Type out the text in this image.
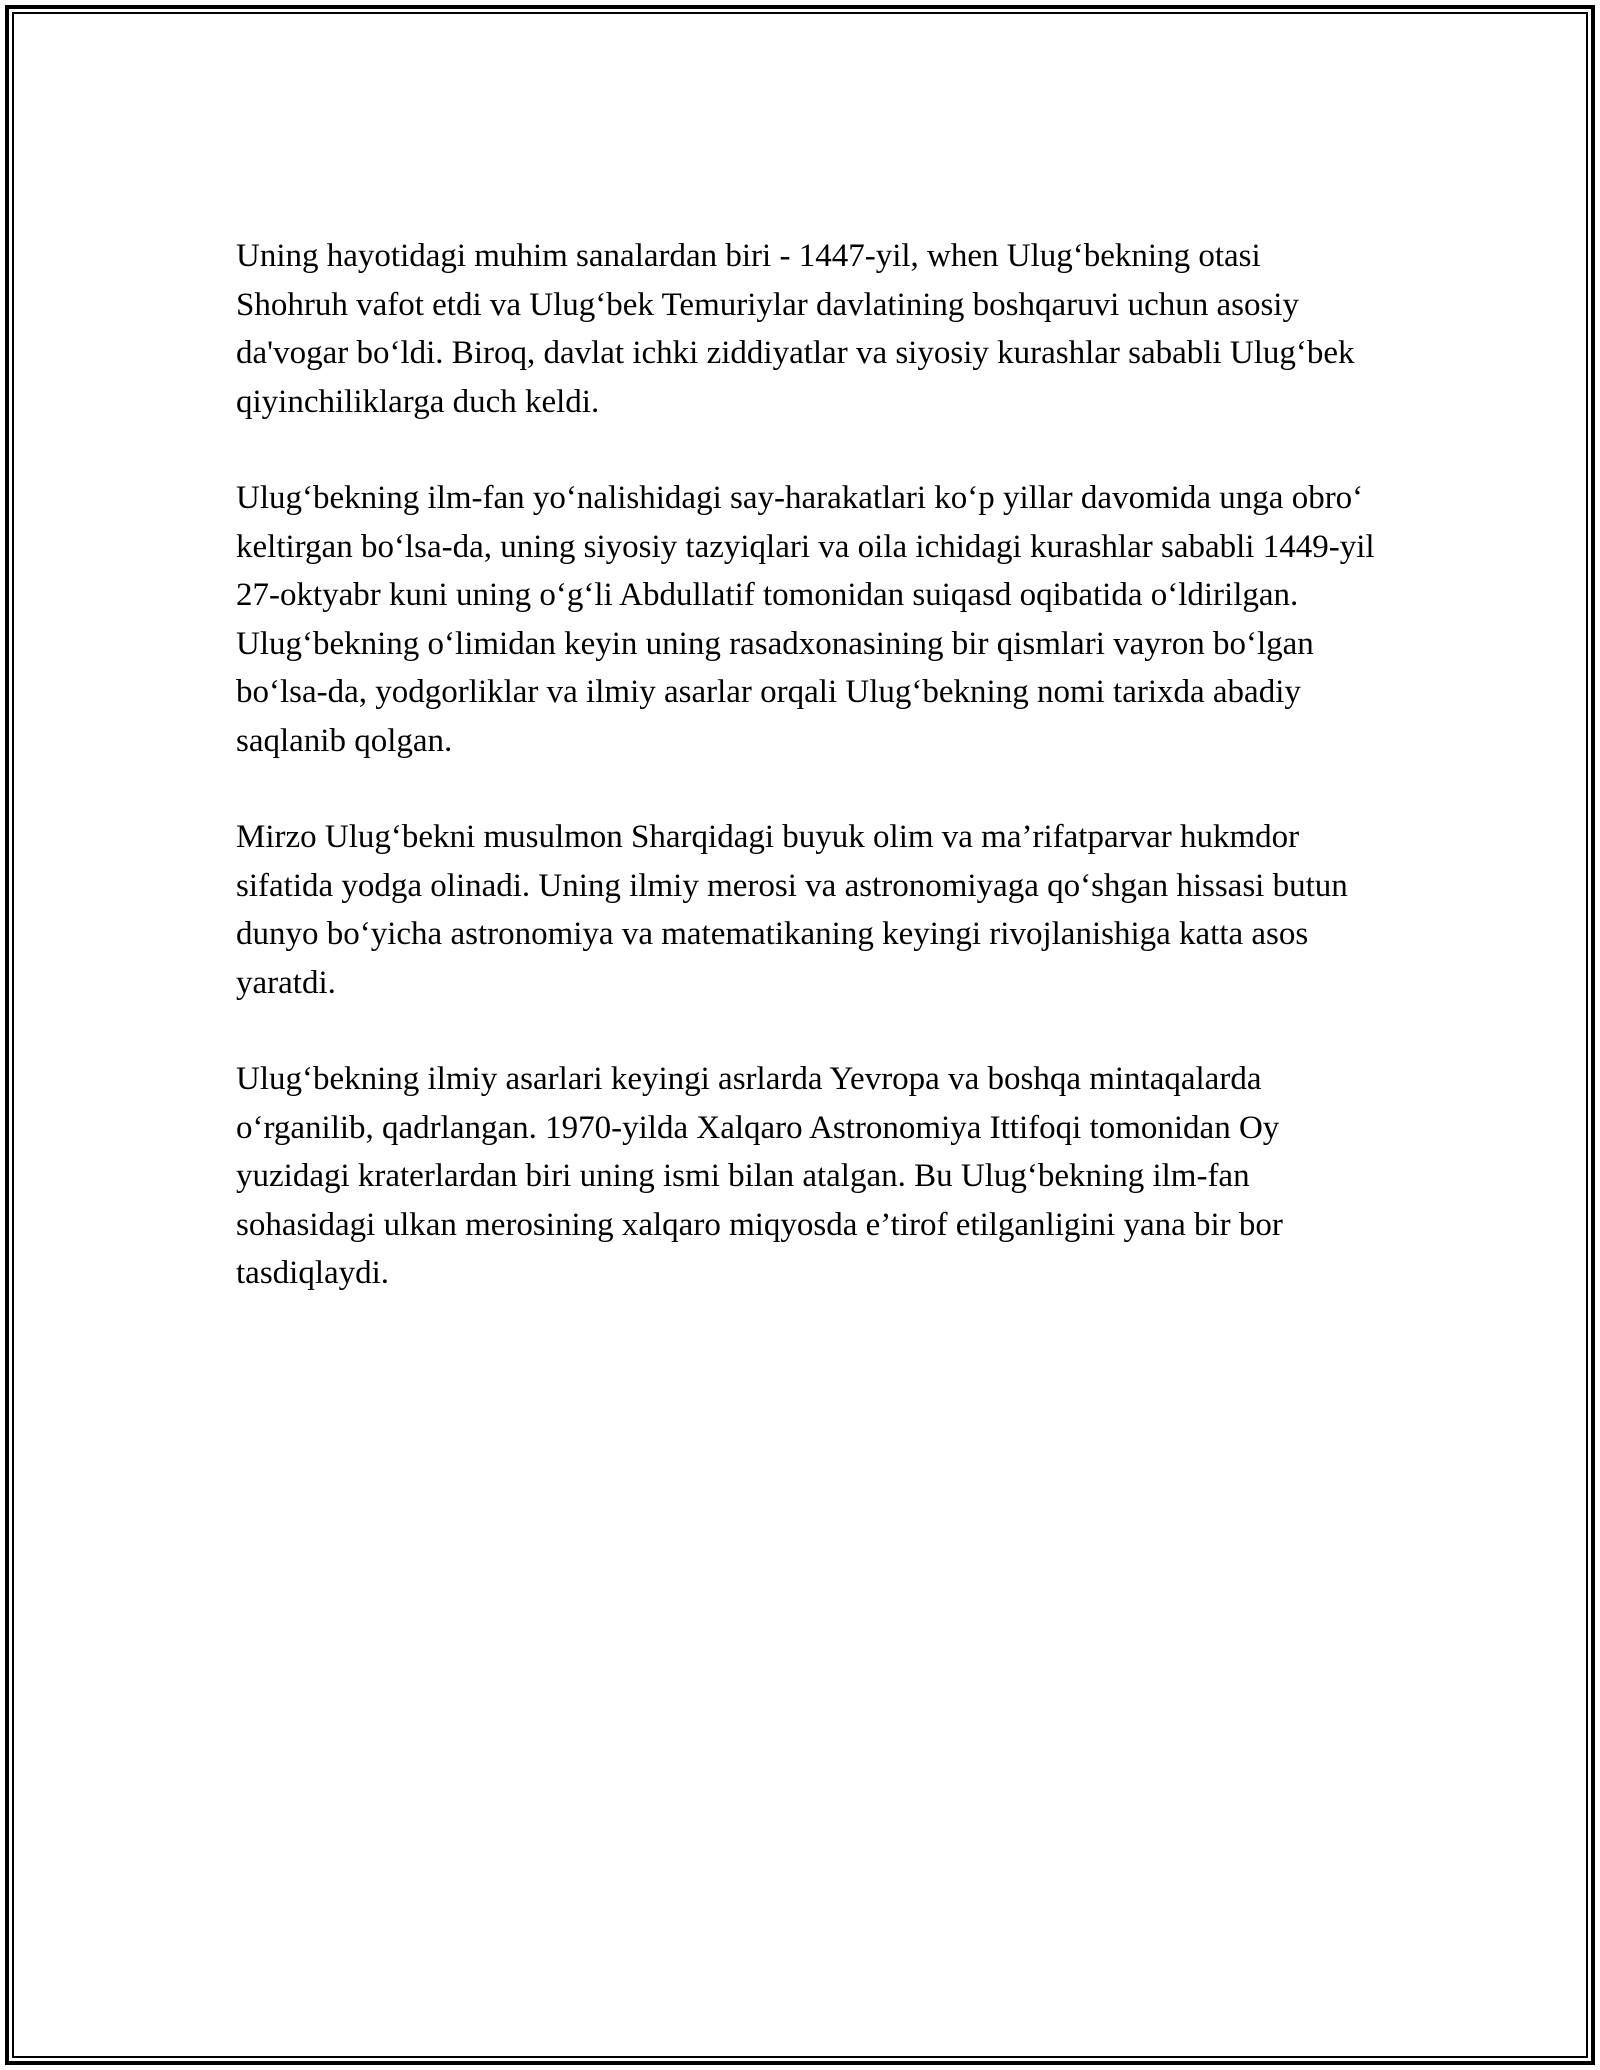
Uning hayotidagi muhim sanalardan biri - 1447-yil, when Ulug‘bekning otasi Shohruh vafot etdi va Ulug‘bek Temuriylar davlatining boshqaruvi uchun asosiy da'vogar bo‘ldi. Biroq, davlat ichki ziddiyatlar va siyosiy kurashlar sababli Ulug‘bek qiyinchiliklarga duch keldi.

Ulug‘bekning ilm-fan yo‘nalishidagi say-harakatlari ko‘p yillar davomida unga obro‘ keltirgan bo‘lsa-da, uning siyosiy tazyiqlari va oila ichidagi kurashlar sababli 1449-yil 27-oktyabr kuni uning o‘g‘li Abdullatif tomonidan suiqasd oqibatida o‘ldirilgan. Ulug‘bekning o‘limidan keyin uning rasadxonasining bir qismlari vayron bo‘lgan bo‘lsa-da, yodgorliklar va ilmiy asarlar orqali Ulug‘bekning nomi tarixda abadiy saqlanib qolgan.

Mirzo Ulug‘bekni musulmon Sharqidagi buyuk olim va ma’rifatparvar hukmdor sifatida yodga olinadi. Uning ilmiy merosi va astronomiyaga qo‘shgan hissasi butun dunyo bo‘yicha astronomiya va matematikaning keyingi rivojlanishiga katta asos yaratdi.

Ulug‘bekning ilmiy asarlari keyingi asrlarda Yevropa va boshqa mintaqalarda o‘rganilib, qadrlangan. 1970-yilda Xalqaro Astronomiya Ittifoqi tomonidan Oy yuzidagi kraterlardan biri uning ismi bilan atalgan. Bu Ulug‘bekning ilm-fan sohasidagi ulkan merosining xalqaro miqyosda e’tirof etilganligini yana bir bor tasdiqlaydi.
